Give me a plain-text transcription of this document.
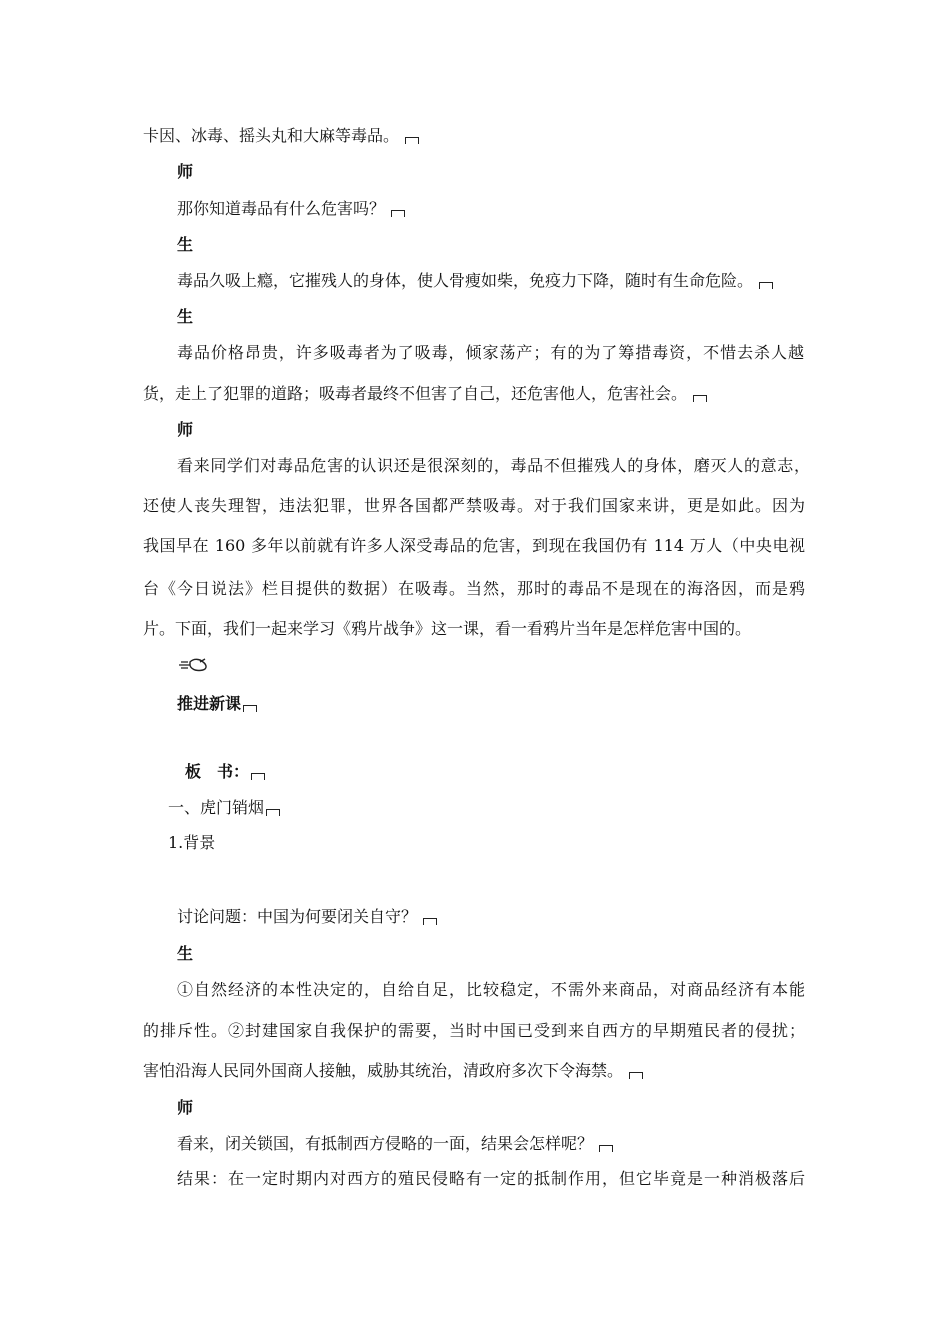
卡因、冰毒、摇头丸和大麻等毒品。
师
那你知道毒品有什么危害吗？
生
毒品久吸上瘾，它摧残人的身体，使人骨瘦如柴，免疫力下降，随时有生命危险。
生
毒品价格昂贵，许多吸毒者为了吸毒，倾家荡产；有的为了筹措毒资，不惜去杀人越
货，走上了犯罪的道路；吸毒者最终不但害了自己，还危害他人，危害社会。
师
看来同学们对毒品危害的认识还是很深刻的，毒品不但摧残人的身体，磨灭人的意志，
还使人丧失理智，违法犯罪，世界各国都严禁吸毒。对于我们国家来讲，更是如此。因为
我国早在 160 多年以前就有许多人深受毒品的危害，到现在我国仍有 114 万人（中央电视
台《今日说法》栏目提供的数据）在吸毒。当然，那时的毒品不是现在的海洛因，而是鸦
片。下面，我们一起来学习《鸦片战争》这一课，看一看鸦片当年是怎样危害中国的。
推进新课
板　书：
一、虎门销烟
1.背景
讨论问题：中国为何要闭关自守？
生
①自然经济的本性决定的，自给自足，比较稳定，不需外来商品，对商品经济有本能
的排斥性。②封建国家自我保护的需要，当时中国已受到来自西方的早期殖民者的侵扰；
害怕沿海人民同外国商人接触，威胁其统治，清政府多次下令海禁。
师
看来，闭关锁国，有抵制西方侵略的一面，结果会怎样呢？
结果：在一定时期内对西方的殖民侵略有一定的抵制作用，但它毕竟是一种消极落后
